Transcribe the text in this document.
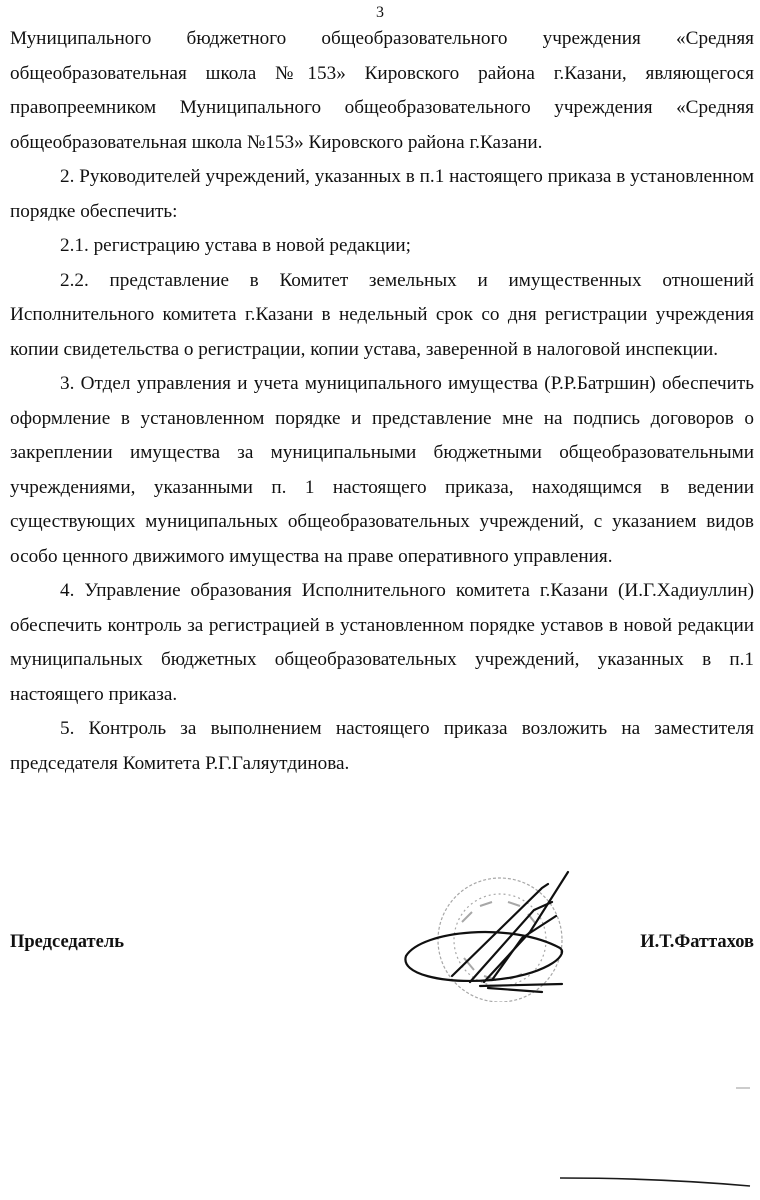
3

Муниципального бюджетного общеобразовательного учреждения «Средняя общеобразовательная школа №153» Кировского района г.Казани, являющегося правопреемником Муниципального общеобразовательного учреждения «Средняя общеобразовательная школа №153» Кировского района г.Казани.

2. Руководителей учреждений, указанных в п.1 настоящего приказа в установленном порядке обеспечить:

2.1. регистрацию устава в новой редакции;

2.2. представление в Комитет земельных и имущественных отношений Исполнительного комитета г.Казани в недельный срок со дня регистрации учреждения копии свидетельства о регистрации, копии устава, заверенной в налоговой инспекции.

3. Отдел управления и учета муниципального имущества (Р.Р.Батршин) обеспечить оформление в установленном порядке и представление мне на подпись договоров о закреплении имущества за муниципальными бюджетными общеобразовательными учреждениями, указанными п. 1 настоящего приказа, находящимся в ведении существующих муниципальных общеобразовательных учреждений, с указанием видов особо ценного движимого имущества на праве оперативного управления.

4. Управление образования Исполнительного комитета г.Казани (И.Г.Хадиуллин) обеспечить контроль за регистрацией в установленном порядке уставов в новой редакции муниципальных бюджетных общеобразовательных учреждений, указанных в п.1 настоящего приказа.

5. Контроль за выполнением настоящего приказа возложить на заместителя председателя Комитета Р.Г.Галяутдинова.

Председатель	И.Т.Фаттахов
